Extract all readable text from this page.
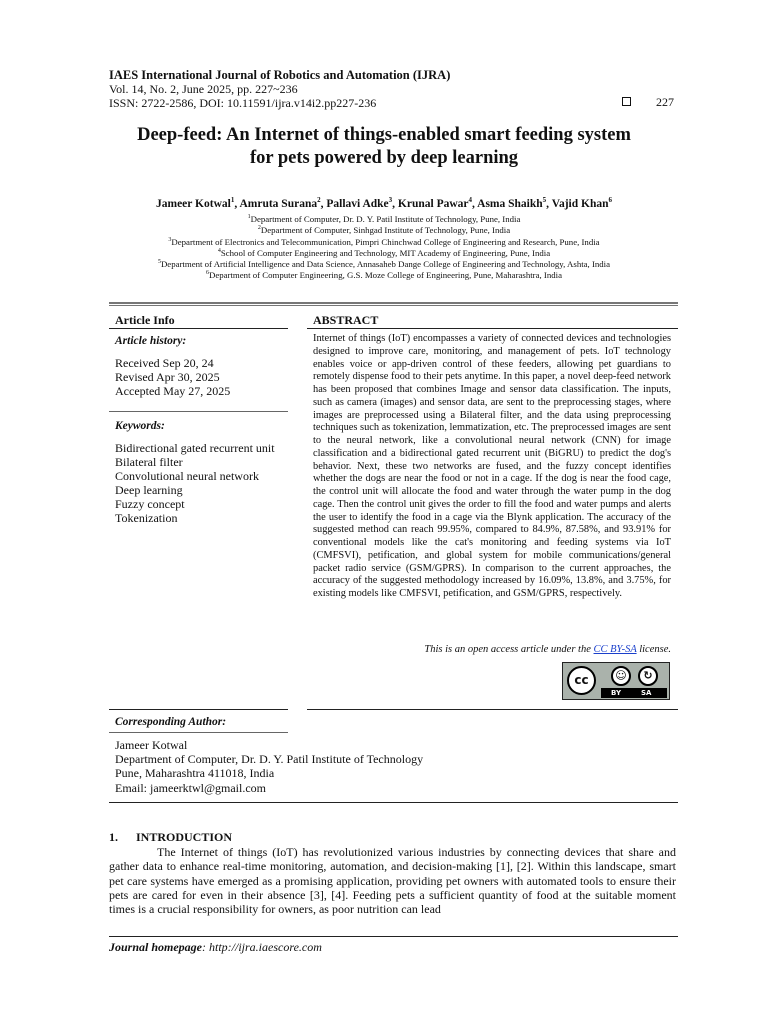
IAES International Journal of Robotics and Automation (IJRA)
Vol. 14, No. 2, June 2025, pp. 227~236
ISSN: 2722-2586, DOI: 10.11591/ijra.v14i2.pp227-236	227
Deep-feed: An Internet of things-enabled smart feeding system
for pets powered by deep learning
Jameer Kotwal$^1$, Amruta Surana$^2$, Pallavi Adke$^3$, Krunal Pawar$^4$, Asma Shaikh$^5$, Vajid Khan$^6$
$^1$Department of Computer, Dr. D. Y. Patil Institute of Technology, Pune, India
$^2$Department of Computer, Sinhgad Institute of Technology, Pune, India
$^3$Department of Electronics and Telecommunication, Pimpri Chinchwad College of Engineering and Research, Pune, India
$^4$School of Computer Engineering and Technology, MIT Academy of Engineering, Pune, India
$^5$Department of Artificial Intelligence and Data Science, Annasaheb Dange College of Engineering and Technology, Ashta, India
$^6$Department of Computer Engineering, G.S. Moze College of Engineering, Pune, Maharashtra, India
Article Info
Article history:
Received Sep 20, 24
Revised Apr 30, 2025
Accepted May 27, 2025
Keywords:
Bidirectional gated recurrent unit
Bilateral filter
Convolutional neural network
Deep learning
Fuzzy concept
Tokenization
ABSTRACT
Internet of things (IoT) encompasses a variety of connected devices and technologies designed to improve care, monitoring, and management of pets. IoT technology enables voice or app-driven control of these feeders, allowing pet guardians to remotely dispense food to their pets anytime. In this paper, a novel deep-feed network has been proposed that combines Image and sensor data classification. The inputs, such as camera (images) and sensor data, are sent to the preprocessing stages, where images are preprocessed using a Bilateral filter, and the data using preprocessing techniques such as tokenization, lemmatization, etc. The preprocessed images are sent to the neural network, like a convolutional neural network (CNN) for image classification and a bidirectional gated recurrent unit (BiGRU) to predict the dog's behavior. Next, these two networks are fused, and the fuzzy concept identifies whether the dogs are near the food or not in a cage. If the dog is near the food cage, the control unit will allocate the food and water through the water pump in the dog cage. Then the control unit gives the order to fill the food and water pumps and alerts the user to identify the food in a cage via the Blynk application. The accuracy of the suggested method can reach 99.95%, compared to 84.9%, 87.58%, and 93.91% for conventional models like the cat's monitoring and feeding systems via IoT (CMFSVI), petification, and global system for mobile communications/general packet radio service (GSM/GPRS). In comparison to the current approaches, the accuracy of the suggested methodology increased by 16.09%, 13.8%, and 3.75%, for existing models like CMFSVI, petification, and GSM/GPRS, respectively.
This is an open access article under the CC BY-SA license.
cc	☺	↻
BY	SA
Corresponding Author:
Jameer Kotwal
Department of Computer, Dr. D. Y. Patil Institute of Technology
Pune, Maharashtra 411018, India
Email: jameerktwl@gmail.com
1. INTRODUCTION

The Internet of things (IoT) has revolutionized various industries by connecting devices that share and gather data to enhance real-time monitoring, automation, and decision-making [1], [2]. Within this landscape, smart pet care systems have emerged as a promising application, providing pet owners with automated tools to ensure their pets are cared for even in their absence [3], [4]. Feeding pets a sufficient quantity of food at the suitable moment times is a crucial responsibility for owners, as poor nutrition can lead

Journal homepage: http://ijra.iaescore.com
